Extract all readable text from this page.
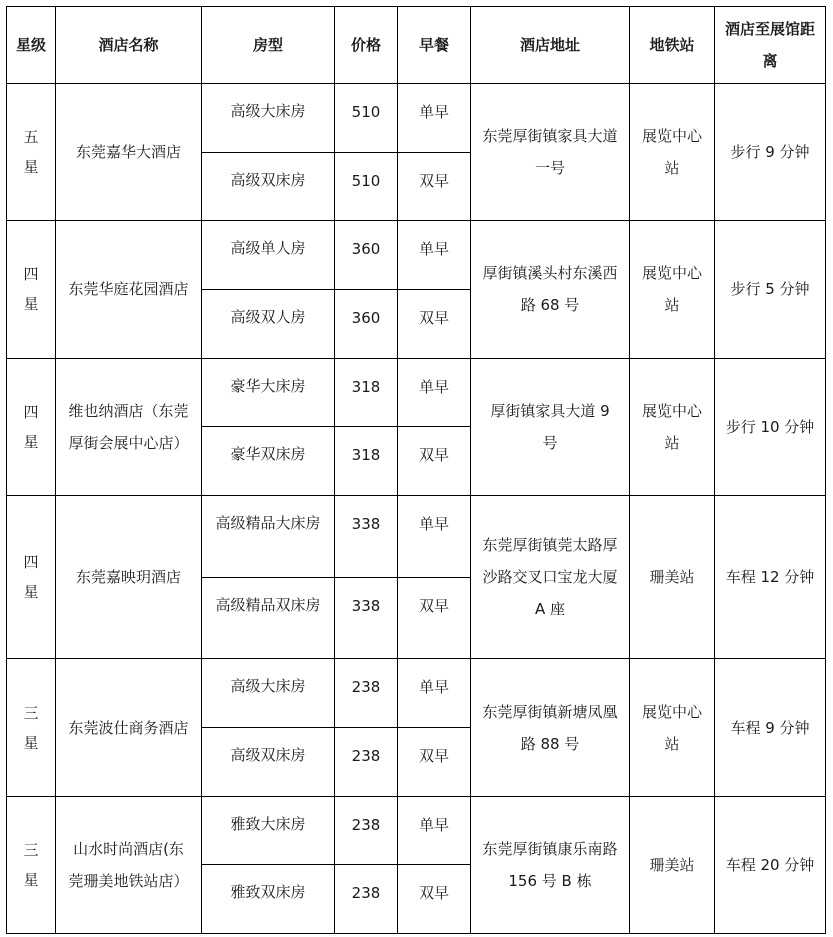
星级	酒店名称	房型	价格	早餐	酒店地址	地铁站	酒店至展馆距离
五星	东莞嘉华大酒店	高级大床房	510	单早	东莞厚街镇家具大道一号	展览中心站	步行 9 分钟
		高级双床房	510	双早			
四星	东莞华庭花园酒店	高级单人房	360	单早	厚街镇溪头村东溪西路 68 号	展览中心站	步行 5 分钟
		高级双人房	360	双早			
四星	维也纳酒店（东莞厚街会展中心店）	豪华大床房	318	单早	厚街镇家具大道 9 号	展览中心站	步行 10 分钟
		豪华双床房	318	双早			
四星	东莞嘉映玥酒店	高级精品大床房	338	单早	东莞厚街镇莞太路厚沙路交叉口宝龙大厦 A 座	珊美站	车程 12 分钟
		高级精品双床房	338	双早			
三星	东莞波仕商务酒店	高级大床房	238	单早	东莞厚街镇新塘凤凰路 88 号	展览中心站	车程 9 分钟
		高级双床房	238	双早			
三星	山水时尚酒店(东莞珊美地铁站店）	雅致大床房	238	单早	东莞厚街镇康乐南路 156 号 B 栋	珊美站	车程 20 分钟
		雅致双床房	238	双早			
